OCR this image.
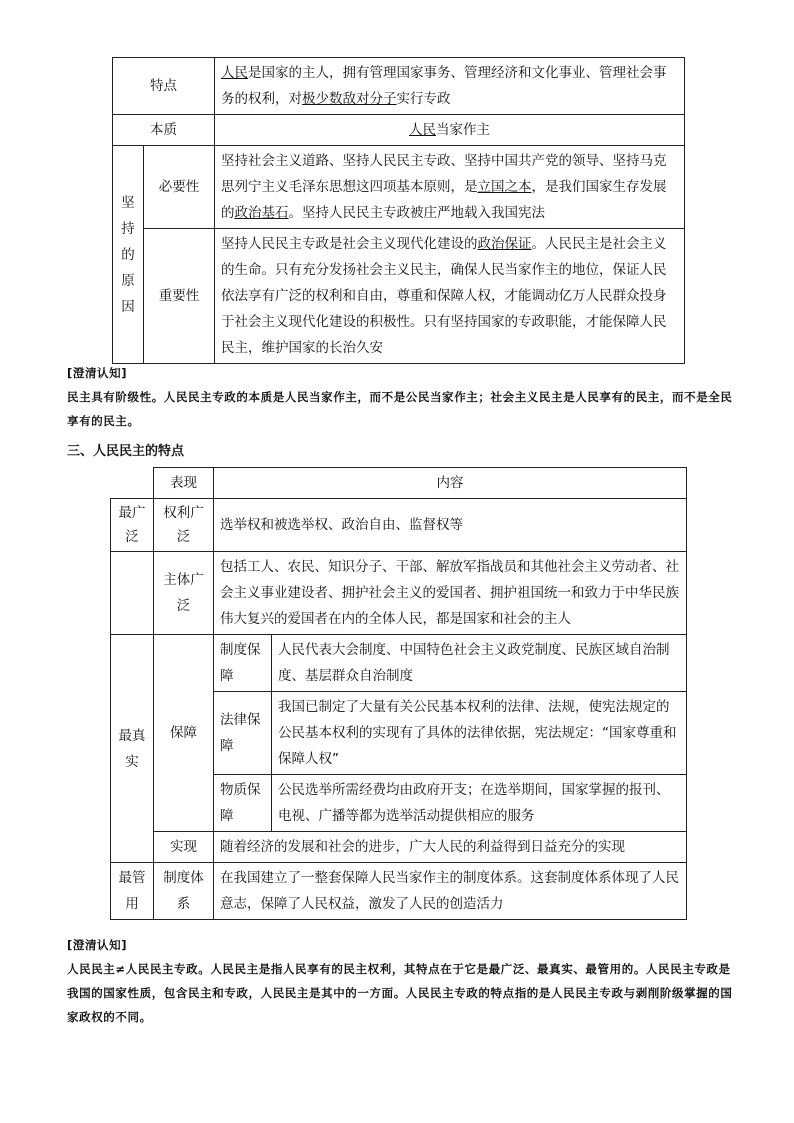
特点		人民是国家的主人，拥有管理国家事务、管理经济和文化事业、管理社会事务的权利，对极少数敌对分子实行专政
本质		人民当家作主

坚持的原因	必要性	坚持社会主义道路、坚持人民民主专政、坚持中国共产党的领导、坚持马克思列宁主义毛泽东思想这四项基本原则，是立国之本，是我们国家生存发展的政治基石。坚持人民民主专政被庄严地载入我国宪法
	重要性	坚持人民民主专政是社会主义现代化建设的政治保证。人民民主是社会主义的生命。只有充分发扬社会主义民主，确保人民当家作主的地位，保证人民依法享有广泛的权利和自由，尊重和保障人权，才能调动亿万人民群众投身于社会主义现代化建设的积极性。只有坚持国家的专政职能，才能保障人民民主，维护国家的长治久安
[澄清认知]
民主具有阶级性。人民民主专政的本质是人民当家作主，而不是公民当家作主；社会主义民主是人民享有的民主，而不是全民享有的民主。
三、人民民主的特点
	表现	内容	

最广泛	权利广泛	选举权和被选举权、政治自由、监督权等	

	主体广泛	包括工人、农民、知识分子、干部、解放军指战员和其他社会主义劳动者、社会主义事业建设者、拥护社会主义的爱国者、拥护祖国统一和致力于中华民族伟大复兴的爱国者在内的全体人民，都是国家和社会的主人	

最真实	保障	制度保障	人民代表大会制度、中国特色社会主义政党制度、民族区域自治制度、基层群众自治制度

		法律保障	我国已制定了大量有关公民基本权利的法律、法规，使宪法规定的公民基本权利的实现有了具体的法律依据，宪法规定：“国家尊重和保障人权”

		物质保障	公民选举所需经费均由政府开支；在选举期间，国家掌握的报刊、电视、广播等都为选举活动提供相应的服务
	实现	随着经济的发展和社会的进步，广大人民的利益得到日益充分的实现	

最管用	制度体系	在我国建立了一整套保障人民当家作主的制度体系。这套制度体系体现了人民意志，保障了人民权益，激发了人民的创造活力	
[澄清认知]
人民民主≠人民民主专政。人民民主是指人民享有的民主权利，其特点在于它是最广泛、最真实、最管用的。人民民主专政是我国的国家性质，包含民主和专政，人民民主是其中的一方面。人民民主专政的特点指的是人民民主专政与剥削阶级掌握的国家政权的不同。
